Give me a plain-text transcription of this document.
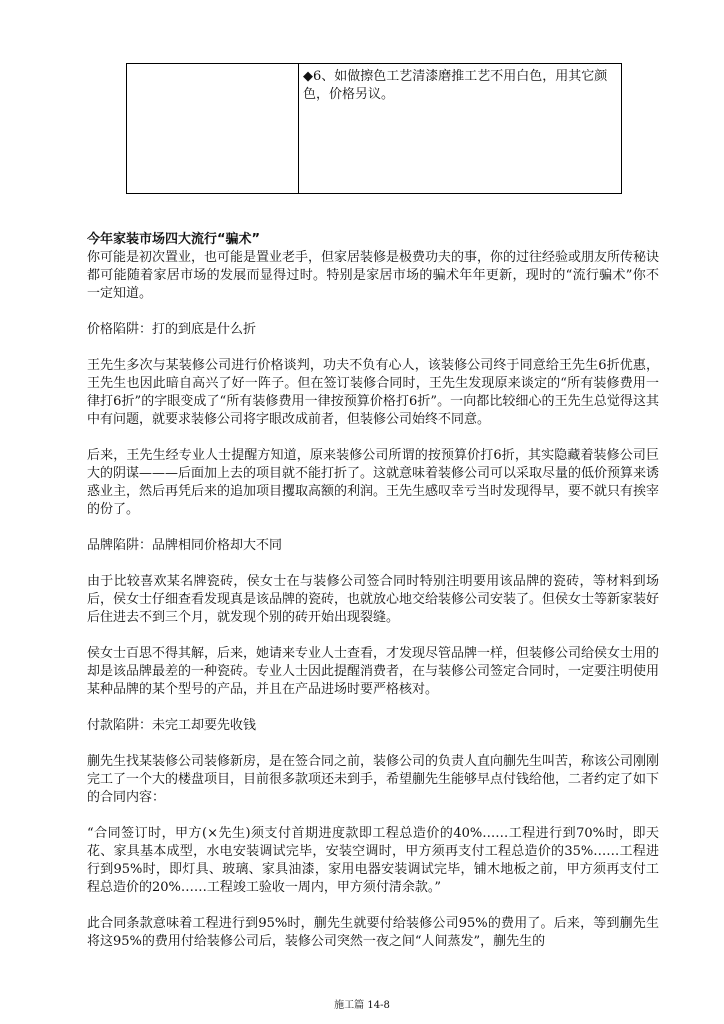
◆6、如做擦色工艺清漆磨推工艺不用白色，用其它颜色，价格另议。

今年家装市场四大流行“骗术”

你可能是初次置业，也可能是置业老手，但家居装修是极费功夫的事，你的过往经验或朋友所传秘诀都可能随着家居市场的发展而显得过时。特别是家居市场的骗术年年更新，现时的“流行骗术”你不一定知道。

价格陷阱：打的到底是什么折

王先生多次与某装修公司进行价格谈判，功夫不负有心人，该装修公司终于同意给王先生6折优惠，王先生也因此暗自高兴了好一阵子。但在签订装修合同时，王先生发现原来谈定的“所有装修费用一律打6折”的字眼变成了“所有装修费用一律按预算价格打6折”。一向都比较细心的王先生总觉得这其中有问题，就要求装修公司将字眼改成前者，但装修公司始终不同意。

后来，王先生经专业人士提醒方知道，原来装修公司所谓的按预算价打6折，其实隐藏着装修公司巨大的阴谋———后面加上去的项目就不能打折了。这就意味着装修公司可以采取尽量的低价预算来诱惑业主，然后再凭后来的追加项目攫取高额的利润。王先生感叹幸亏当时发现得早，要不就只有挨宰的份了。

品牌陷阱：品牌相同价格却大不同

由于比较喜欢某名牌瓷砖，侯女士在与装修公司签合同时特别注明要用该品牌的瓷砖，等材料到场后，侯女士仔细查看发现真是该品牌的瓷砖，也就放心地交给装修公司安装了。但侯女士等新家装好后住进去不到三个月，就发现个别的砖开始出现裂缝。

侯女士百思不得其解，后来，她请来专业人士查看，才发现尽管品牌一样，但装修公司给侯女士用的却是该品牌最差的一种瓷砖。专业人士因此提醒消费者，在与装修公司签定合同时，一定要注明使用某种品牌的某个型号的产品，并且在产品进场时要严格核对。

付款陷阱：未完工却要先收钱

蒯先生找某装修公司装修新房，是在签合同之前，装修公司的负责人直向蒯先生叫苦，称该公司刚刚完工了一个大的楼盘项目，目前很多款项还未到手，希望蒯先生能够早点付钱给他，二者约定了如下的合同内容：

“合同签订时，甲方(×先生)须支付首期进度款即工程总造价的40%……工程进行到70%时，即天花、家具基本成型，水电安装调试完毕，安装空调时，甲方须再支付工程总造价的35%……工程进行到95%时，即灯具、玻璃、家具油漆，家用电器安装调试完毕，铺木地板之前，甲方须再支付工程总造价的20%……工程竣工验收一周内，甲方须付清余款。”

此合同条款意味着工程进行到95%时，蒯先生就要付给装修公司95%的费用了。后来，等到蒯先生将这95%的费用付给装修公司后，装修公司突然一夜之间“人间蒸发”，蒯先生的

施工篇 14-8
